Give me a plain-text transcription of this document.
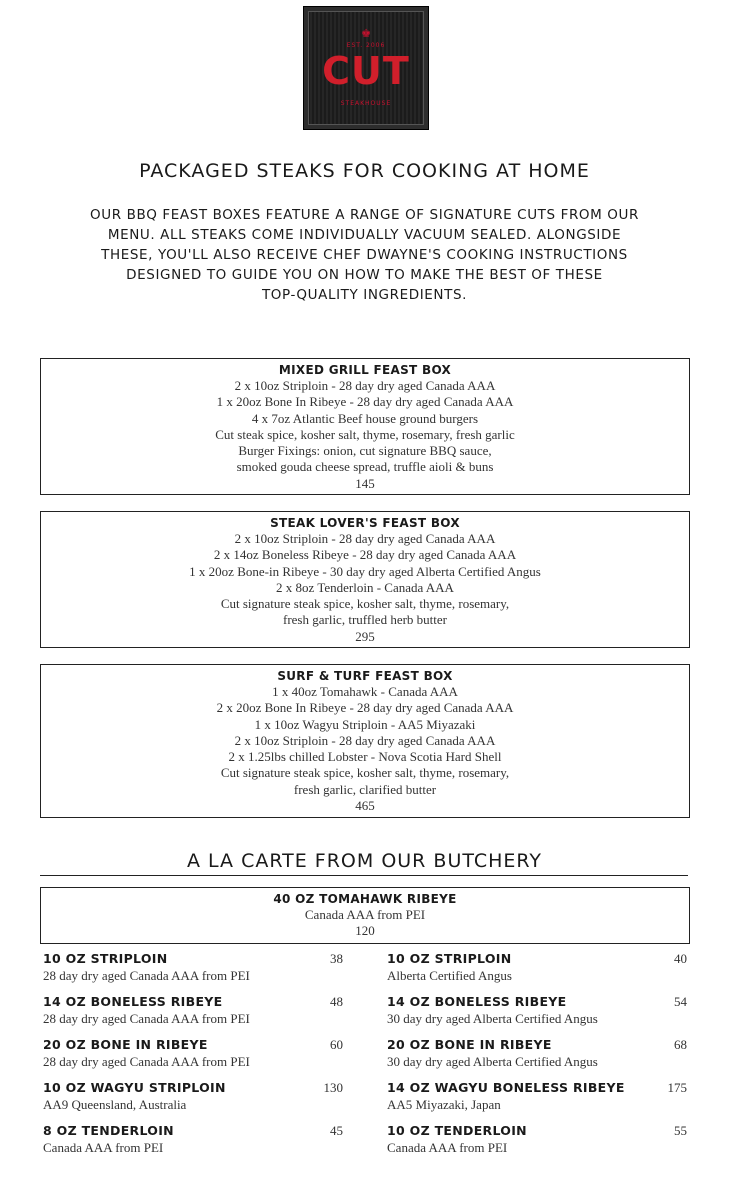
♚
EST. 2006
CUT
STEAKHOUSE
PACKAGED STEAKS FOR COOKING AT HOME
OUR BBQ FEAST BOXES FEATURE A RANGE OF SIGNATURE CUTS FROM OUR
MENU. ALL STEAKS COME INDIVIDUALLY VACUUM SEALED. ALONGSIDE
THESE, YOU'LL ALSO RECEIVE CHEF DWAYNE'S COOKING INSTRUCTIONS
DESIGNED TO GUIDE YOU ON HOW TO MAKE THE BEST OF THESE
TOP-QUALITY INGREDIENTS.
MIXED GRILL FEAST BOX
2 x 10oz Striploin - 28 day dry aged Canada AAA
1 x 20oz Bone In Ribeye - 28 day dry aged Canada AAA
4 x 7oz Atlantic Beef house ground burgers
Cut steak spice, kosher salt, thyme, rosemary, fresh garlic
Burger Fixings: onion, cut signature BBQ sauce,
smoked gouda cheese spread, truffle aioli & buns
145
STEAK LOVER'S FEAST BOX
2 x 10oz Striploin - 28 day dry aged Canada AAA
2 x 14oz Boneless Ribeye - 28 day dry aged Canada AAA
1 x 20oz Bone-in Ribeye - 30 day dry aged Alberta Certified Angus
2 x 8oz Tenderloin - Canada AAA
Cut signature steak spice, kosher salt, thyme, rosemary,
fresh garlic, truffled herb butter
295
SURF & TURF FEAST BOX
1 x 40oz Tomahawk - Canada AAA
2 x 20oz Bone In Ribeye - 28 day dry aged Canada AAA
1 x 10oz Wagyu Striploin - AA5 Miyazaki
2 x 10oz Striploin - 28 day dry aged Canada AAA
2 x 1.25lbs chilled Lobster - Nova Scotia Hard Shell
Cut signature steak spice, kosher salt, thyme, rosemary,
fresh garlic, clarified butter
465
A LA CARTE FROM OUR BUTCHERY
40 OZ TOMAHAWK RIBEYE
Canada AAA from PEI
120
10 OZ STRIPLOIN
28 day dry aged Canada AAA from PEI
38
14 OZ BONELESS RIBEYE
28 day dry aged Canada AAA from PEI
48
20 OZ BONE IN RIBEYE
28 day dry aged Canada AAA from PEI
60
10 OZ WAGYU STRIPLOIN
AA9 Queensland, Australia
130
8 OZ TENDERLOIN
Canada AAA from PEI
45
10 OZ STRIPLOIN
Alberta Certified Angus
40
14 OZ BONELESS RIBEYE
30 day dry aged Alberta Certified Angus
54
20 OZ BONE IN RIBEYE
30 day dry aged Alberta Certified Angus
68
14 OZ WAGYU BONELESS RIBEYE
AA5 Miyazaki, Japan
175
10 OZ TENDERLOIN
Canada AAA from PEI
55
